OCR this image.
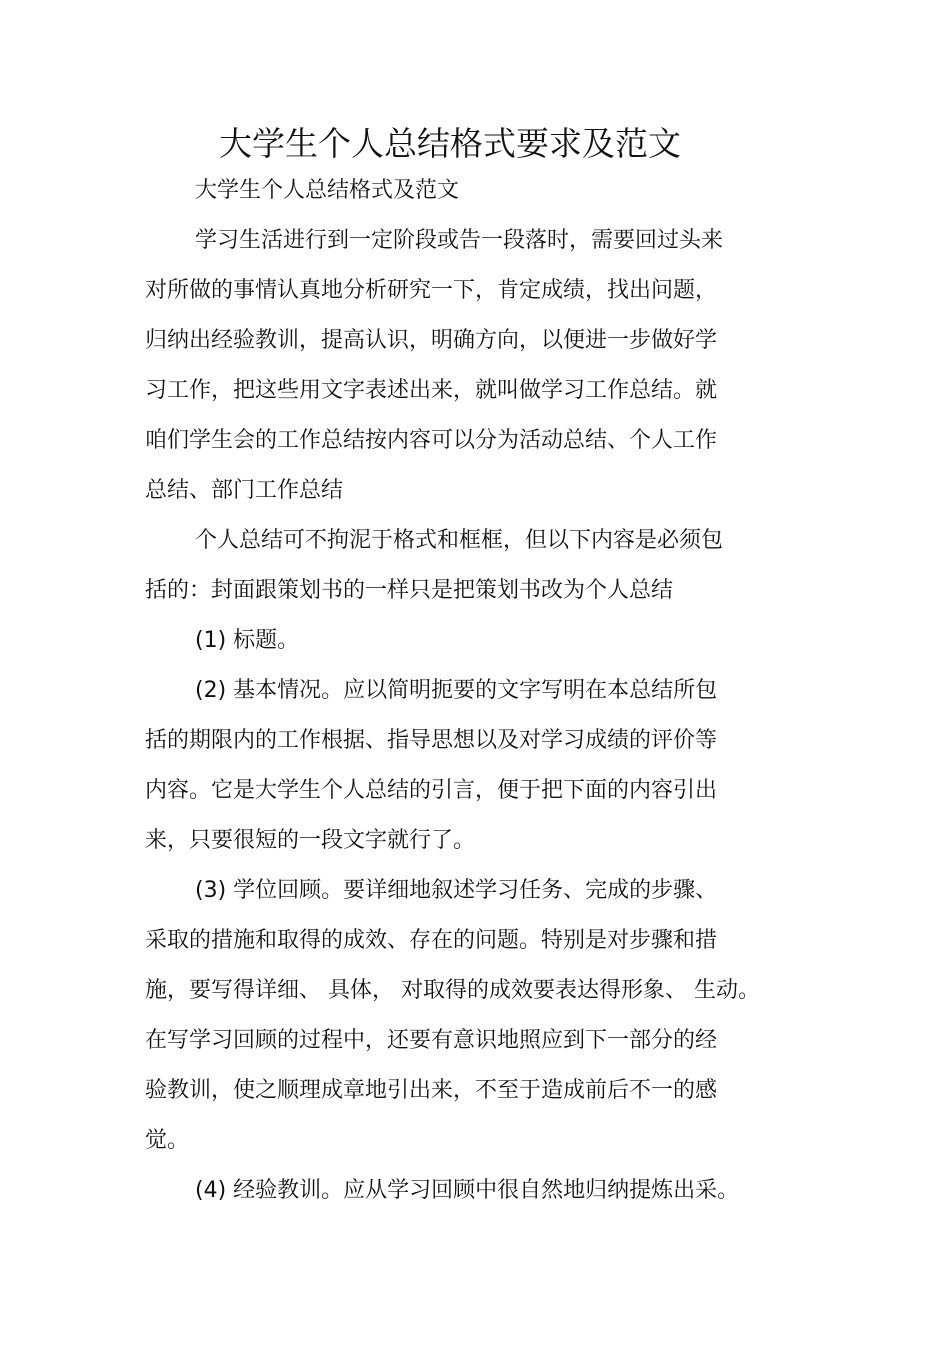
大学生个人总结格式要求及范文
大学生个人总结格式及范文
学习生活进行到一定阶段或告一段落时，需要回过头来
对所做的事情认真地分析研究一下，肯定成绩，找出问题，
归纳出经验教训，提高认识，明确方向，以便进一步做好学
习工作，把这些用文字表述出来，就叫做学习工作总结。就
咱们学生会的工作总结按内容可以分为活动总结、个人工作
总结、部门工作总结
个人总结可不拘泥于格式和框框，但以下内容是必须包
括的：封面跟策划书的一样只是把策划书改为个人总结
(1) 标题。
(2) 基本情况。应以简明扼要的文字写明在本总结所包
括的期限内的工作根据、指导思想以及对学习成绩的评价等
内容。它是大学生个人总结的引言，便于把下面的内容引出
来，只要很短的一段文字就行了。
(3) 学位回顾。要详细地叙述学习任务、完成的步骤、
采取的措施和取得的成效、存在的问题。特别是对步骤和措
施，要写得详细、 具体， 对取得的成效要表达得形象、 生动。
在写学习回顾的过程中，还要有意识地照应到下一部分的经
验教训，使之顺理成章地引出来，不至于造成前后不一的感
觉。
(4) 经验教训。应从学习回顾中很自然地归纳提炼出采。
